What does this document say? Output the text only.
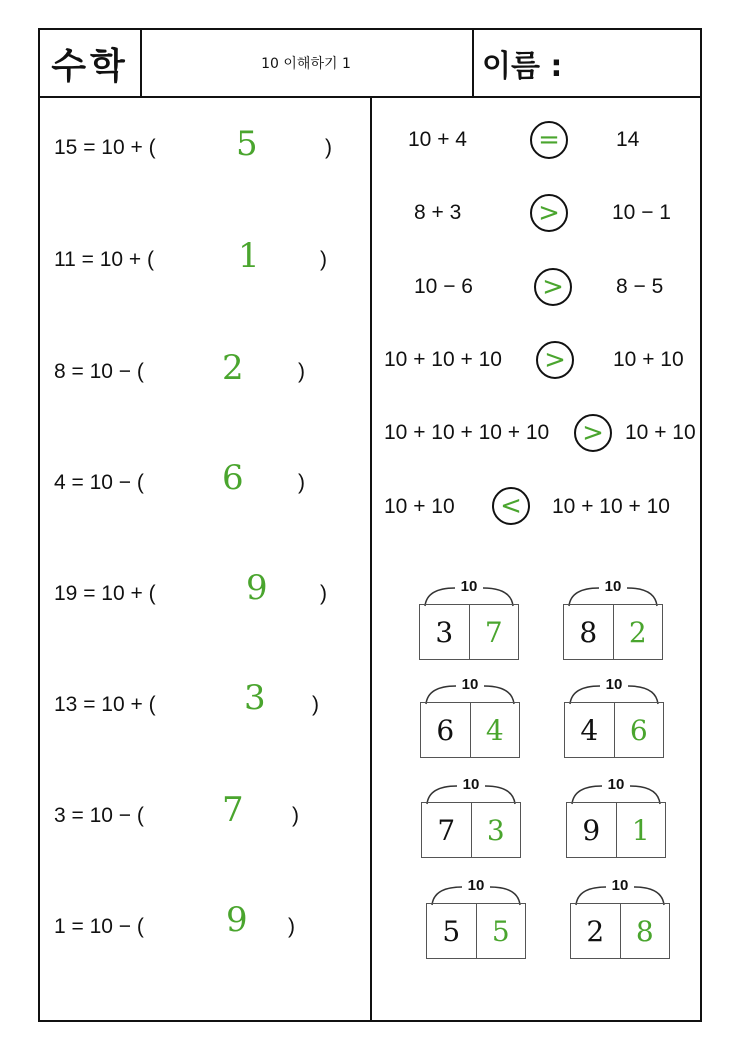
수학	10 이해하기 1	이름 :
15 = 10 + ( 5	)
11 = 10 + ( 1	)
8 = 10 − ( 2	)
4 = 10 − ( 6	)
19 = 10 + (	9 )
13 = 10 + (	3 )
3 = 10 − ( 7 )
1 = 10 − ( 9 )
10 + 4	=	14
8 + 3	>	10 − 1
10 − 6	>	8 − 5
10 + 10 + 10	>	10 + 10
10 + 10 + 10 + 10	>	10 + 10
10 + 10	<	10 + 10 + 10
10
3	7
10
8	2
10
6	4
10
4	6
10
7	3
10
9	1
10
5	5
10
2	8
